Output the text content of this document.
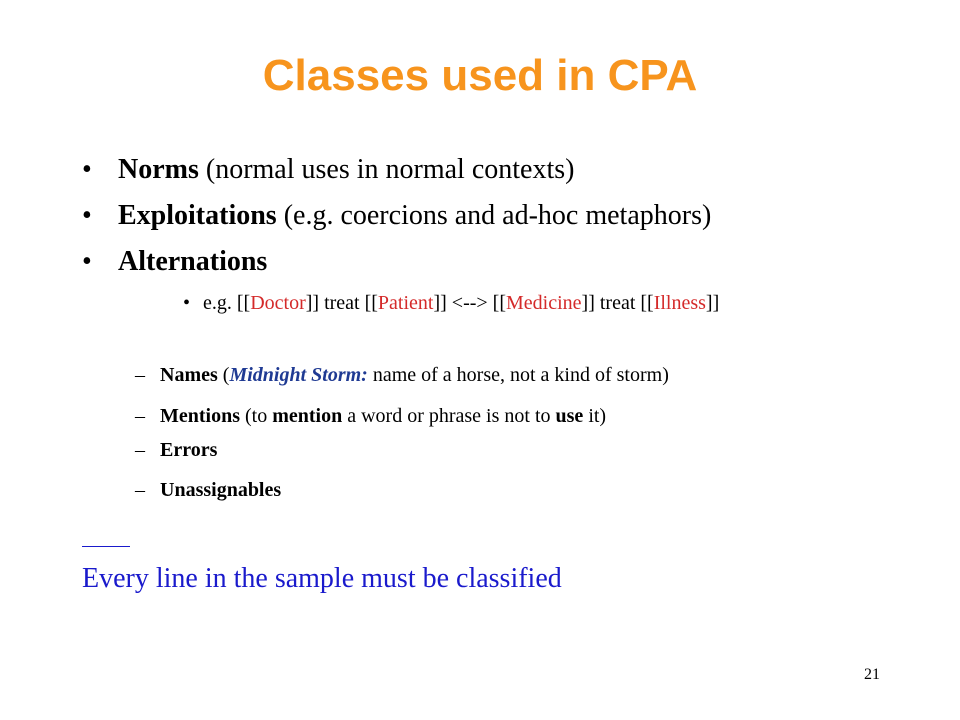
Classes used in CPA
• Norms (normal uses in normal contexts)
• Exploitations (e.g. coercions and ad-hoc metaphors)
• Alternations
• e.g. [[Doctor]] treat [[Patient]] <--> [[Medicine]] treat [[Illness]]
– Names (Midnight Storm: name of a horse, not a kind of storm)
– Mentions (to mention a word or phrase is not to use it)
– Errors
– Unassignables
Every line in the sample must be classified
21
